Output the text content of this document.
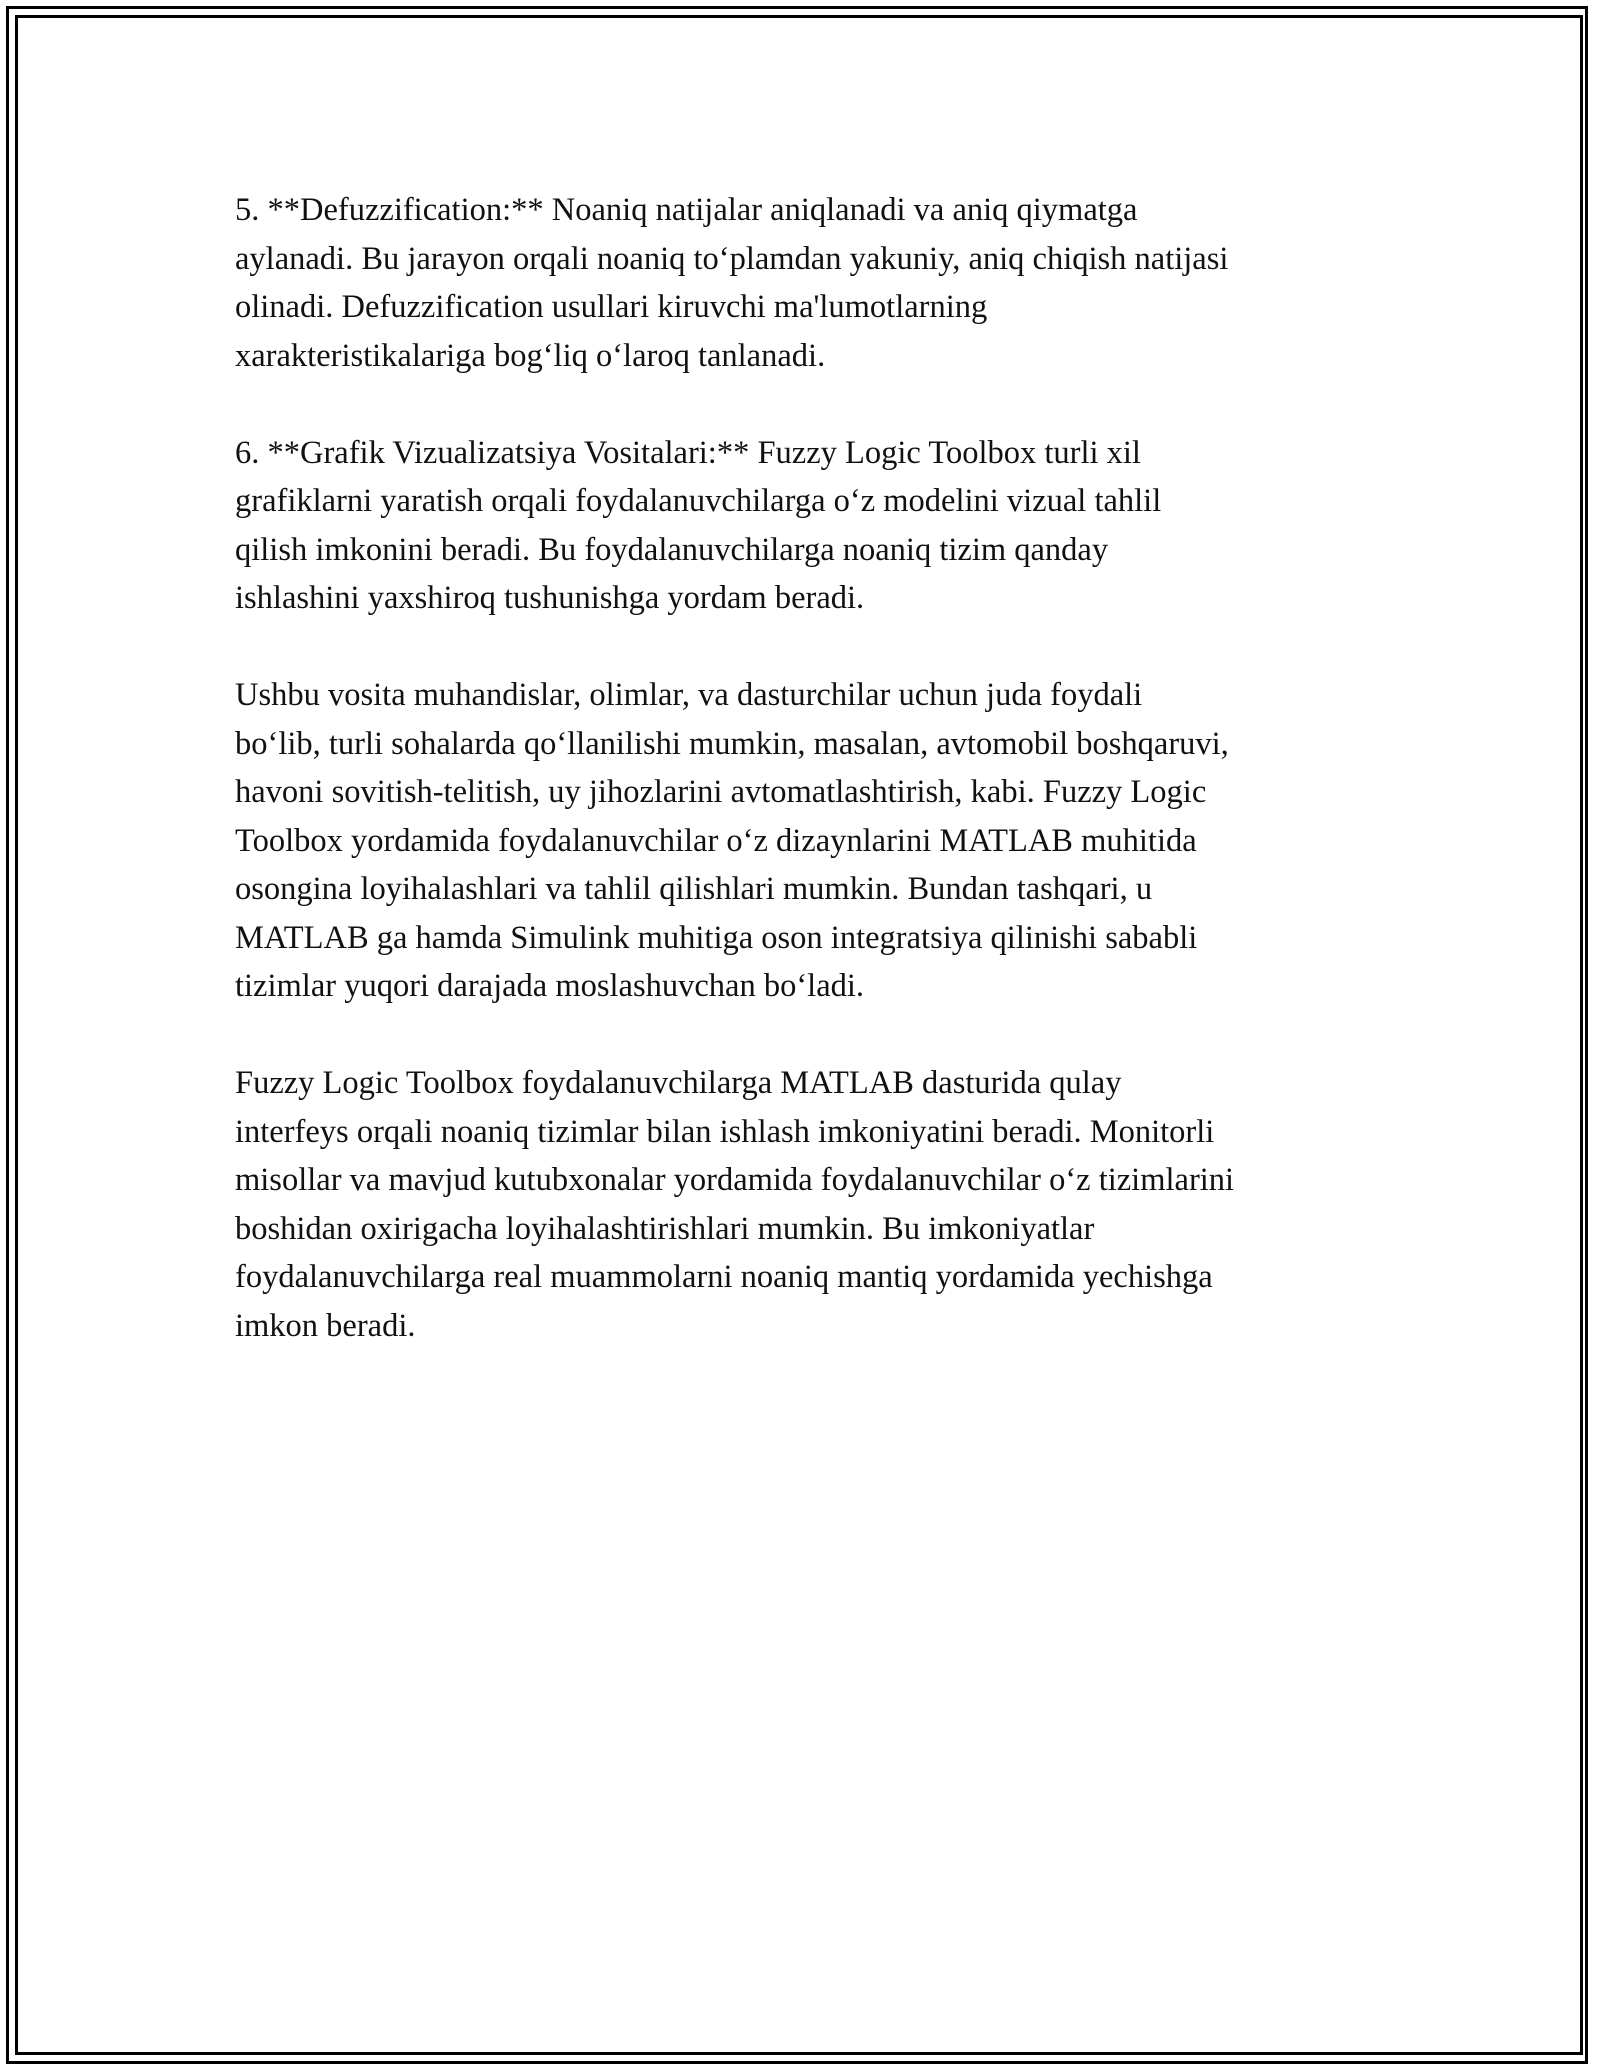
5. **Defuzzification:** Noaniq natijalar aniqlanadi va aniq qiymatga
aylanadi. Bu jarayon orqali noaniq to‘plamdan yakuniy, aniq chiqish natijasi
olinadi. Defuzzification usullari kiruvchi ma'lumotlarning
xarakteristikalariga bog‘liq o‘laroq tanlanadi.

6. **Grafik Vizualizatsiya Vositalari:** Fuzzy Logic Toolbox turli xil
grafiklarni yaratish orqali foydalanuvchilarga o‘z modelini vizual tahlil
qilish imkonini beradi. Bu foydalanuvchilarga noaniq tizim qanday
ishlashini yaxshiroq tushunishga yordam beradi.

Ushbu vosita muhandislar, olimlar, va dasturchilar uchun juda foydali
bo‘lib, turli sohalarda qo‘llanilishi mumkin, masalan, avtomobil boshqaruvi,
havoni sovitish-telitish, uy jihozlarini avtomatlashtirish, kabi. Fuzzy Logic
Toolbox yordamida foydalanuvchilar o‘z dizaynlarini MATLAB muhitida
osongina loyihalashlari va tahlil qilishlari mumkin. Bundan tashqari, u
MATLAB ga hamda Simulink muhitiga oson integratsiya qilinishi sababli
tizimlar yuqori darajada moslashuvchan bo‘ladi.

Fuzzy Logic Toolbox foydalanuvchilarga MATLAB dasturida qulay
interfeys orqali noaniq tizimlar bilan ishlash imkoniyatini beradi. Monitorli
misollar va mavjud kutubxonalar yordamida foydalanuvchilar o‘z tizimlarini
boshidan oxirigacha loyihalashtirishlari mumkin. Bu imkoniyatlar
foydalanuvchilarga real muammolarni noaniq mantiq yordamida yechishga
imkon beradi.
